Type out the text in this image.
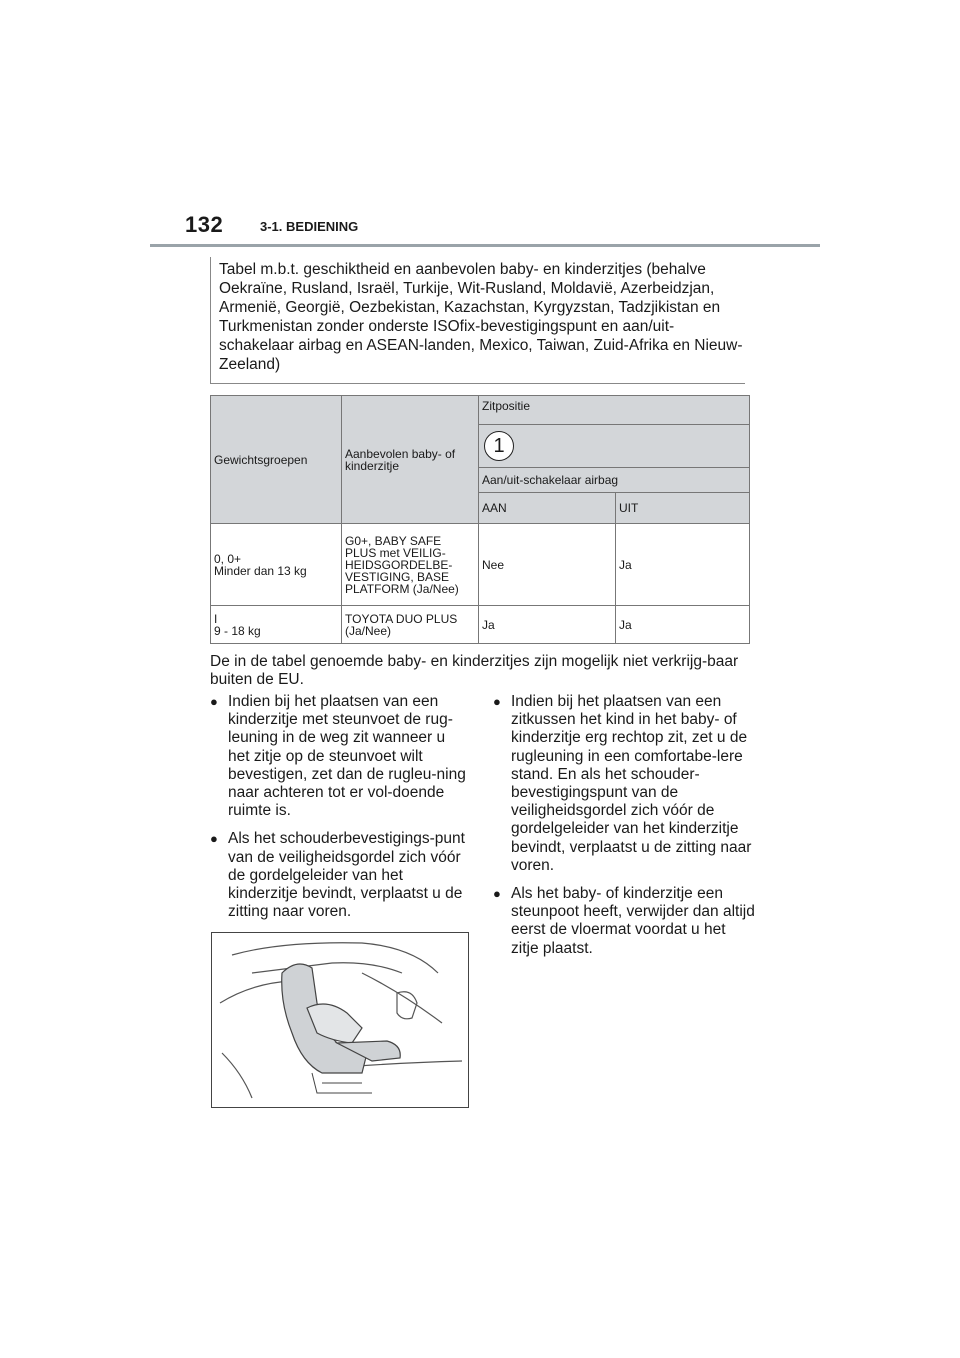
132	3-1. BEDIENING
Tabel m.b.t. geschiktheid en aanbevolen baby- en kinderzitjes (behalve Oekraïne, Rusland, Israël, Turkije, Wit-Rusland, Moldavië, Azerbeidzjan, Armenië, Georgië, Oezbekistan, Kazachstan, Kyrgyzstan, Tadzjikistan en Turkmenistan zonder onderste ISOfix-bevestigingspunt en aan/uit-schakelaar airbag en ASEAN-landen, Mexico, Taiwan, Zuid-Afrika en Nieuw-Zeeland)
Gewichtsgroepen	Aanbevolen baby- of kinderzitje	Zitpositie	
		1	
		Aan/uit-schakelaar airbag	
		AAN	UIT

0, 0+
Minder dan 13 kg	G0+, BABY SAFE PLUS met VEILIG-HEIDSGORDELBE-VESTIGING, BASE PLATFORM (Ja/Nee)	Nee	Ja

I
9 - 18 kg	TOYOTA DUO PLUS (Ja/Nee)	Ja	Ja
De in de tabel genoemde baby- en kinderzitjes zijn mogelijk niet verkrijg-baar buiten de EU.
● Indien bij het plaatsen van een kinderzitje met steunvoet de rug-leuning in de weg zit wanneer u het zitje op de steunvoet wilt bevestigen, zet dan de rugleu-ning naar achteren tot er vol-doende ruimte is.
● Als het schouderbevestigings-punt van de veiligheidsgordel zich vóór de gordelgeleider van het kinderzitje bevindt, verplaatst u de zitting naar voren.
● Indien bij het plaatsen van een zitkussen het kind in het baby- of kinderzitje erg rechtop zit, zet u de rugleuning in een comfortabe-lere stand. En als het schouder-bevestigingspunt van de veiligheidsgordel zich vóór de gordelgeleider van het kinderzitje bevindt, verplaatst u de zitting naar voren.
● Als het baby- of kinderzitje een steunpoot heeft, verwijder dan altijd eerst de vloermat voordat u het zitje plaatst.
